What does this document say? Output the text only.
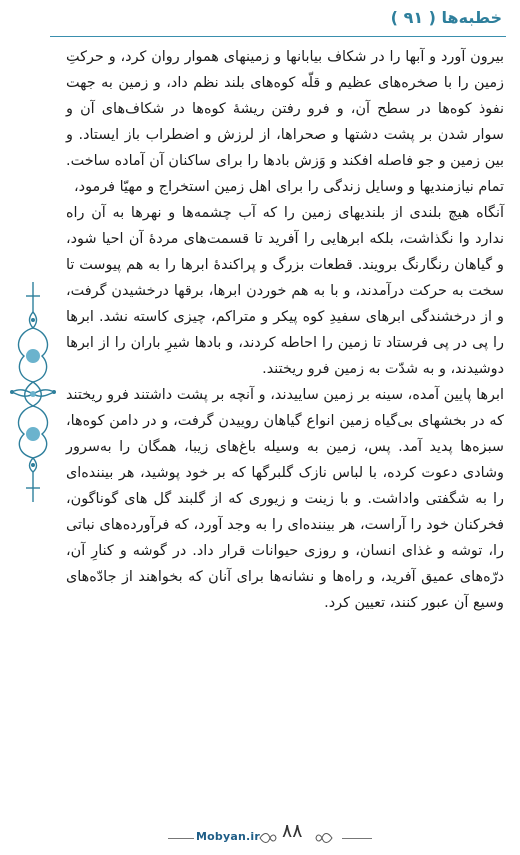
خطبه‌ها ( ۹۱ )

بیرون آورد و آبها را در شکاف بیابانها و زمینهای هموار روان کرد، و حرکتِ زمین را با صخره‌های عظیم و قلّه کوه‌های بلند نظم داد، و زمین به جهت نفوذ کوه‌ها در سطح آن، و فرو رفتن ریشهٔ کوه‌ها در شکاف‌های آن و سوار شدن بر پشت دشتها و صحراها، از لرزش و اضطراب باز ایستاد. و بین زمین و جو فاصله افکند و وَزش بادها را برای ساکنان آن آماده ساخت. تمام نیازمندیها و وسایل زندگی را برای اهل زمین استخراج و مهیّا فرمود،

آنگاه هیچ بلندی از بلندیهای زمین را که آب چشمه‌ها و نهرها به آن راه ندارد وا نگذاشت، بلکه ابرهایی را آفرید تا قسمت‌های مردهٔ آن احیا شود، و گیاهان رنگارنگ برویند. قطعات بزرگ و پراکندهٔ ابرها را به هم پیوست تا سخت به حرکت درآمدند، و با به هم خوردن ابرها، برقها درخشیدن گرفت، و از درخشندگی ابرهای سفیدِ کوه پیکر و متراکم، چیزی کاسته نشد. ابرها را پی در پی فرستاد تا زمین را احاطه کردند، و بادها شیرِ باران را از ابرها دوشیدند، و به شدّت به زمین فرو ریختند.

ابرها پایین آمده، سینه بر زمین ساییدند، و آنچه بر پشت داشتند فرو ریختند که در بخشهای بی‌گیاه زمین انواع گیاهان روییدن گرفت، و در دامن کوه‌ها، سبزه‌ها پدید آمد. پس، زمین به وسیله باغ‌های زیبا، همگان را به‌سرور وشادی دعوت کرده، با لباس نازک گلبرگها که بر خود پوشید، هر بیننده‌ای را به شگفتی واداشت. و با زینت و زیوری که از گلبند گل های گوناگون، فخرکنان خود را آراست، هر بیننده‌ای را به وجد آورد، که فرآورده‌های نباتی را، توشه و غذای انسان، و روزی حیوانات قرار داد. در گوشه و کنارِ آن، درّه‌های عمیق آفرید، و راه‌ها و نشانه‌ها برای آنان که بخواهند از جادّه‌های وسیع آن عبور کنند، تعیین کرد.

Mobyan.ir ۸۸
